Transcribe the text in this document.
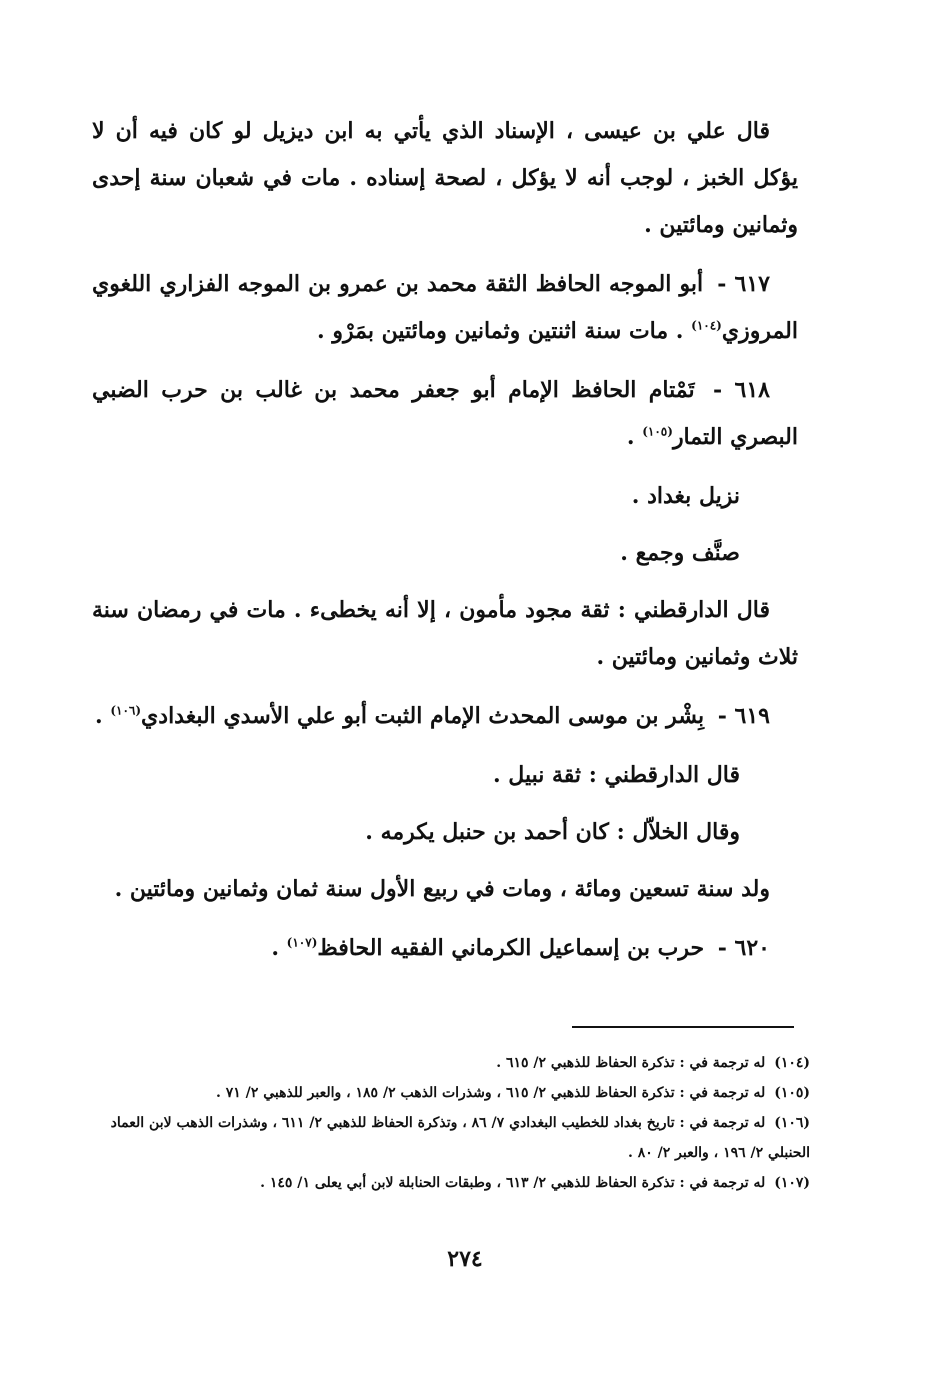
قال علي بن عيسى ، الإسناد الذي يأتي به ابن ديزيل لو كان فيه أن لا يؤكل الخبز ، لوجب أنه لا يؤكل ، لصحة إسناده . مات في شعبان سنة إحدى وثمانين ومائتين .

٦١٧ - أبو الموجه الحافظ الثقة محمد بن عمرو بن الموجه الفزاري اللغوي المروزي$^{(١٠٤)}$ . مات سنة اثنتين وثمانين ومائتين بمَرْو .

٦١٨ - تَمْتام الحافظ الإمام أبو جعفر محمد بن غالب بن حرب الضبي البصري التمار$^{(١٠٥)}$ .

نزيل بغداد .

صنَّف وجمع .

قال الدارقطني : ثقة مجود مأمون ، إلا أنه يخطىء . مات في رمضان سنة ثلاث وثمانين ومائتين .

٦١٩ - بِشْر بن موسى المحدث الإمام الثبت أبو علي الأسدي البغدادي$^{(١٠٦)}$ .

قال الدارقطني : ثقة نبيل .

وقال الخلاّل : كان أحمد بن حنبل يكرمه .

ولد سنة تسعين ومائة ، ومات في ربيع الأول سنة ثمان وثمانين ومائتين .

٦٢٠ - حرب بن إسماعيل الكرماني الفقيه الحافظ$^{(١٠٧)}$ .

(١٠٤) له ترجمة في : تذكرة الحفاظ للذهبي ٢/ ٦١٥ .

(١٠٥) له ترجمة في : تذكرة الحفاظ للذهبي ٢/ ٦١٥ ، وشذرات الذهب ٢/ ١٨٥ ، والعبر للذهبي ٢/ ٧١ .

(١٠٦) له ترجمة في : تاريخ بغداد للخطيب البغدادي ٧/ ٨٦ ، وتذكرة الحفاظ للذهبي ٢/ ٦١١ ، وشذرات الذهب لابن العماد الحنبلي ٢/ ١٩٦ ، والعبر ٢/ ٨٠ .

(١٠٧) له ترجمة في : تذكرة الحفاظ للذهبي ٢/ ٦١٣ ، وطبقات الحنابلة لابن أبي يعلى ١/ ١٤٥ .

٢٧٤
